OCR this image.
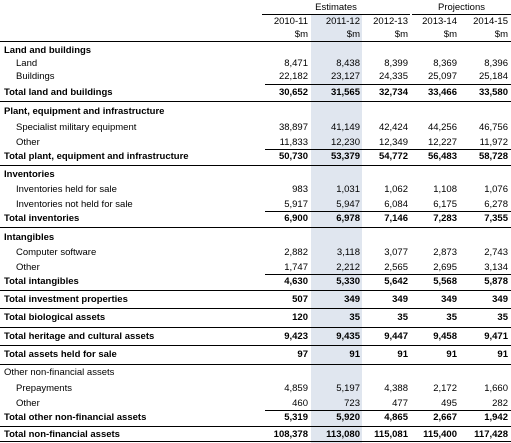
Estimates	Projections
2010-11 2011-12 2012-13 2013-14 2014-15
$m	$m	$m	$m	$m
Land and buildings
Land	8,471	8,438	8,399	8,369	8,396
Buildings	22,182 23,127 24,335 25,097 25,184
Total land and buildings	30,652 31,565 32,734 33,466 33,580
Plant, equipment and infrastructure
Specialist military equipment	38,897 41,149 42,424 44,256 46,756
Other	11,833 12,230 12,349 12,227 11,972
Total plant, equipment and infrastructure	50,730 53,379 54,772 56,483 58,728
Inventories
Inventories held for sale	983	1,031	1,062	1,108	1,076
Inventories not held for sale	5,917	5,947	6,084	6,175	6,278
Total inventories	6,900	6,978	7,146	7,283	7,355
Intangibles
Computer software	2,882	3,118	3,077	2,873	2,743
Other	1,747	2,212	2,565	2,695	3,134
Total intangibles	4,630	5,330	5,642	5,568	5,878
Total investment properties	507	349	349	349	349
Total biological assets	120	35	35	35	35
Total heritage and cultural assets	9,423	9,435	9,447	9,458	9,471
Total assets held for sale	97	91	91	91	91
Other non-financial assets
Prepayments	4,859	5,197	4,388	2,172	1,660
Other	460	723	477	495	282
Total other non-financial assets	5,319	5,920	4,865	2,667	1,942
Total non-financial assets	108,378 113,080 115,081 115,400 117,428
